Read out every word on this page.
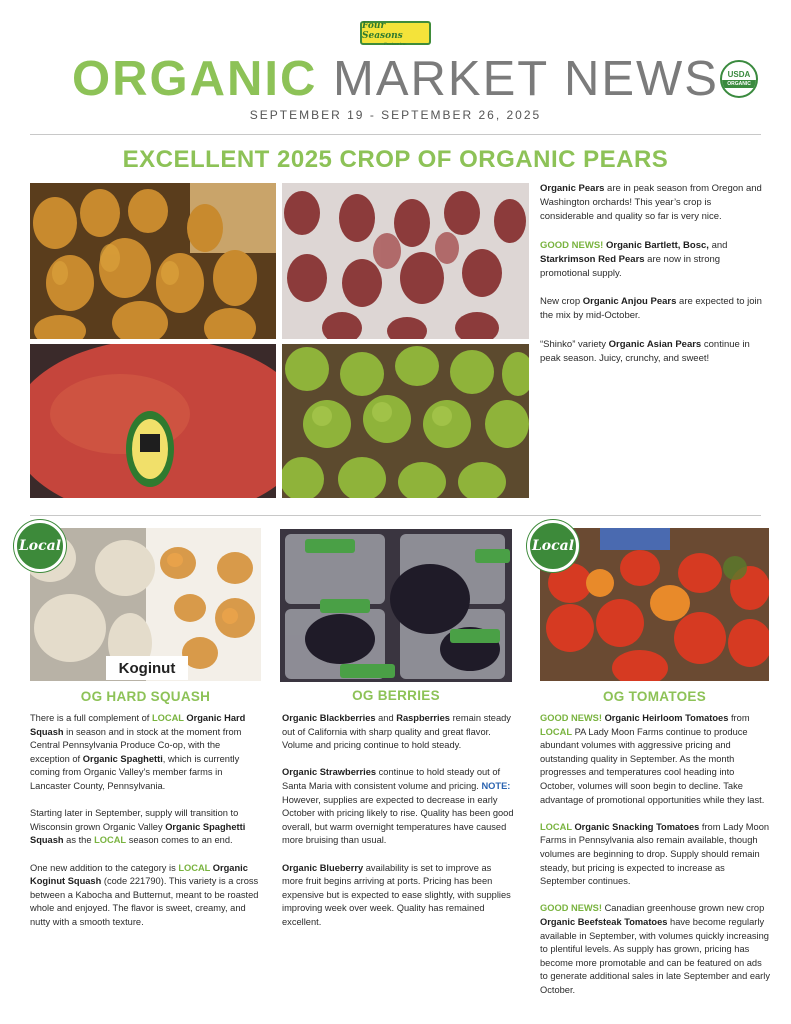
Four Seasons
Produce Inc.
ORGANIC MARKET NEWS	USDA
ORGANIC
SEPTEMBER 19 - SEPTEMBER 26, 2025
EXCELLENT 2025 CROP OF ORGANIC PEARS

Organic Pears are in peak season from Oregon and Washington orchards! This year’s crop is considerable and quality so far is very nice.

GOOD NEWS! Organic Bartlett, Bosc, and Starkrimson Red Pears are now in strong promotional supply.

New crop Organic Anjou Pears are expected to join the mix by mid-October.

“Shinko” variety Organic Asian Pears continue in peak season. Juicy, crunchy, and sweet!

Local
Koginut
Local
OG HARD SQUASH	OG BERRIES	OG TOMATOES

There is a full complement of LOCAL Organic Hard Squash in season and in stock at the moment from Central Pennsylvania Produce Co-op, with the exception of Organic Spaghetti, which is currently coming from Organic Valley’s member farms in Lancaster County, Pennsylvania.

Starting later in September, supply will transition to Wisconsin grown Organic Valley Organic Spaghetti Squash as the LOCAL season comes to an end.

One new addition to the category is LOCAL Organic Koginut Squash (code 221790). This variety is a cross between a Kabocha and Butternut, meant to be roasted whole and enjoyed. The flavor is sweet, creamy, and nutty with a smooth texture.

Organic Blackberries and Raspberries remain steady out of California with sharp quality and great flavor. Volume and pricing continue to hold steady.

Organic Strawberries continue to hold steady out of Santa Maria with consistent volume and pricing. NOTE: However, supplies are expected to decrease in early October with pricing likely to rise. Quality has been good overall, but warm overnight temperatures have caused more bruising than usual.

Organic Blueberry availability is set to improve as more fruit begins arriving at ports. Pricing has been expensive but is expected to ease slightly, with supplies improving week over week. Quality has remained excellent.

GOOD NEWS! Organic Heirloom Tomatoes from LOCAL PA Lady Moon Farms continue to produce abundant volumes with aggressive pricing and outstanding quality in September. As the month progresses and temperatures cool heading into October, volumes will soon begin to decline. Take advantage of promotional opportunities while they last.

LOCAL Organic Snacking Tomatoes from Lady Moon Farms in Pennsylvania also remain available, though volumes are beginning to drop. Supply should remain steady, but pricing is expected to increase as September continues.

GOOD NEWS! Canadian greenhouse grown new crop Organic Beefsteak Tomatoes have become regularly available in September, with volumes quickly increasing to plentiful levels. As supply has grown, pricing has become more promotable and can be featured on ads to generate additional sales in late September and early October.
